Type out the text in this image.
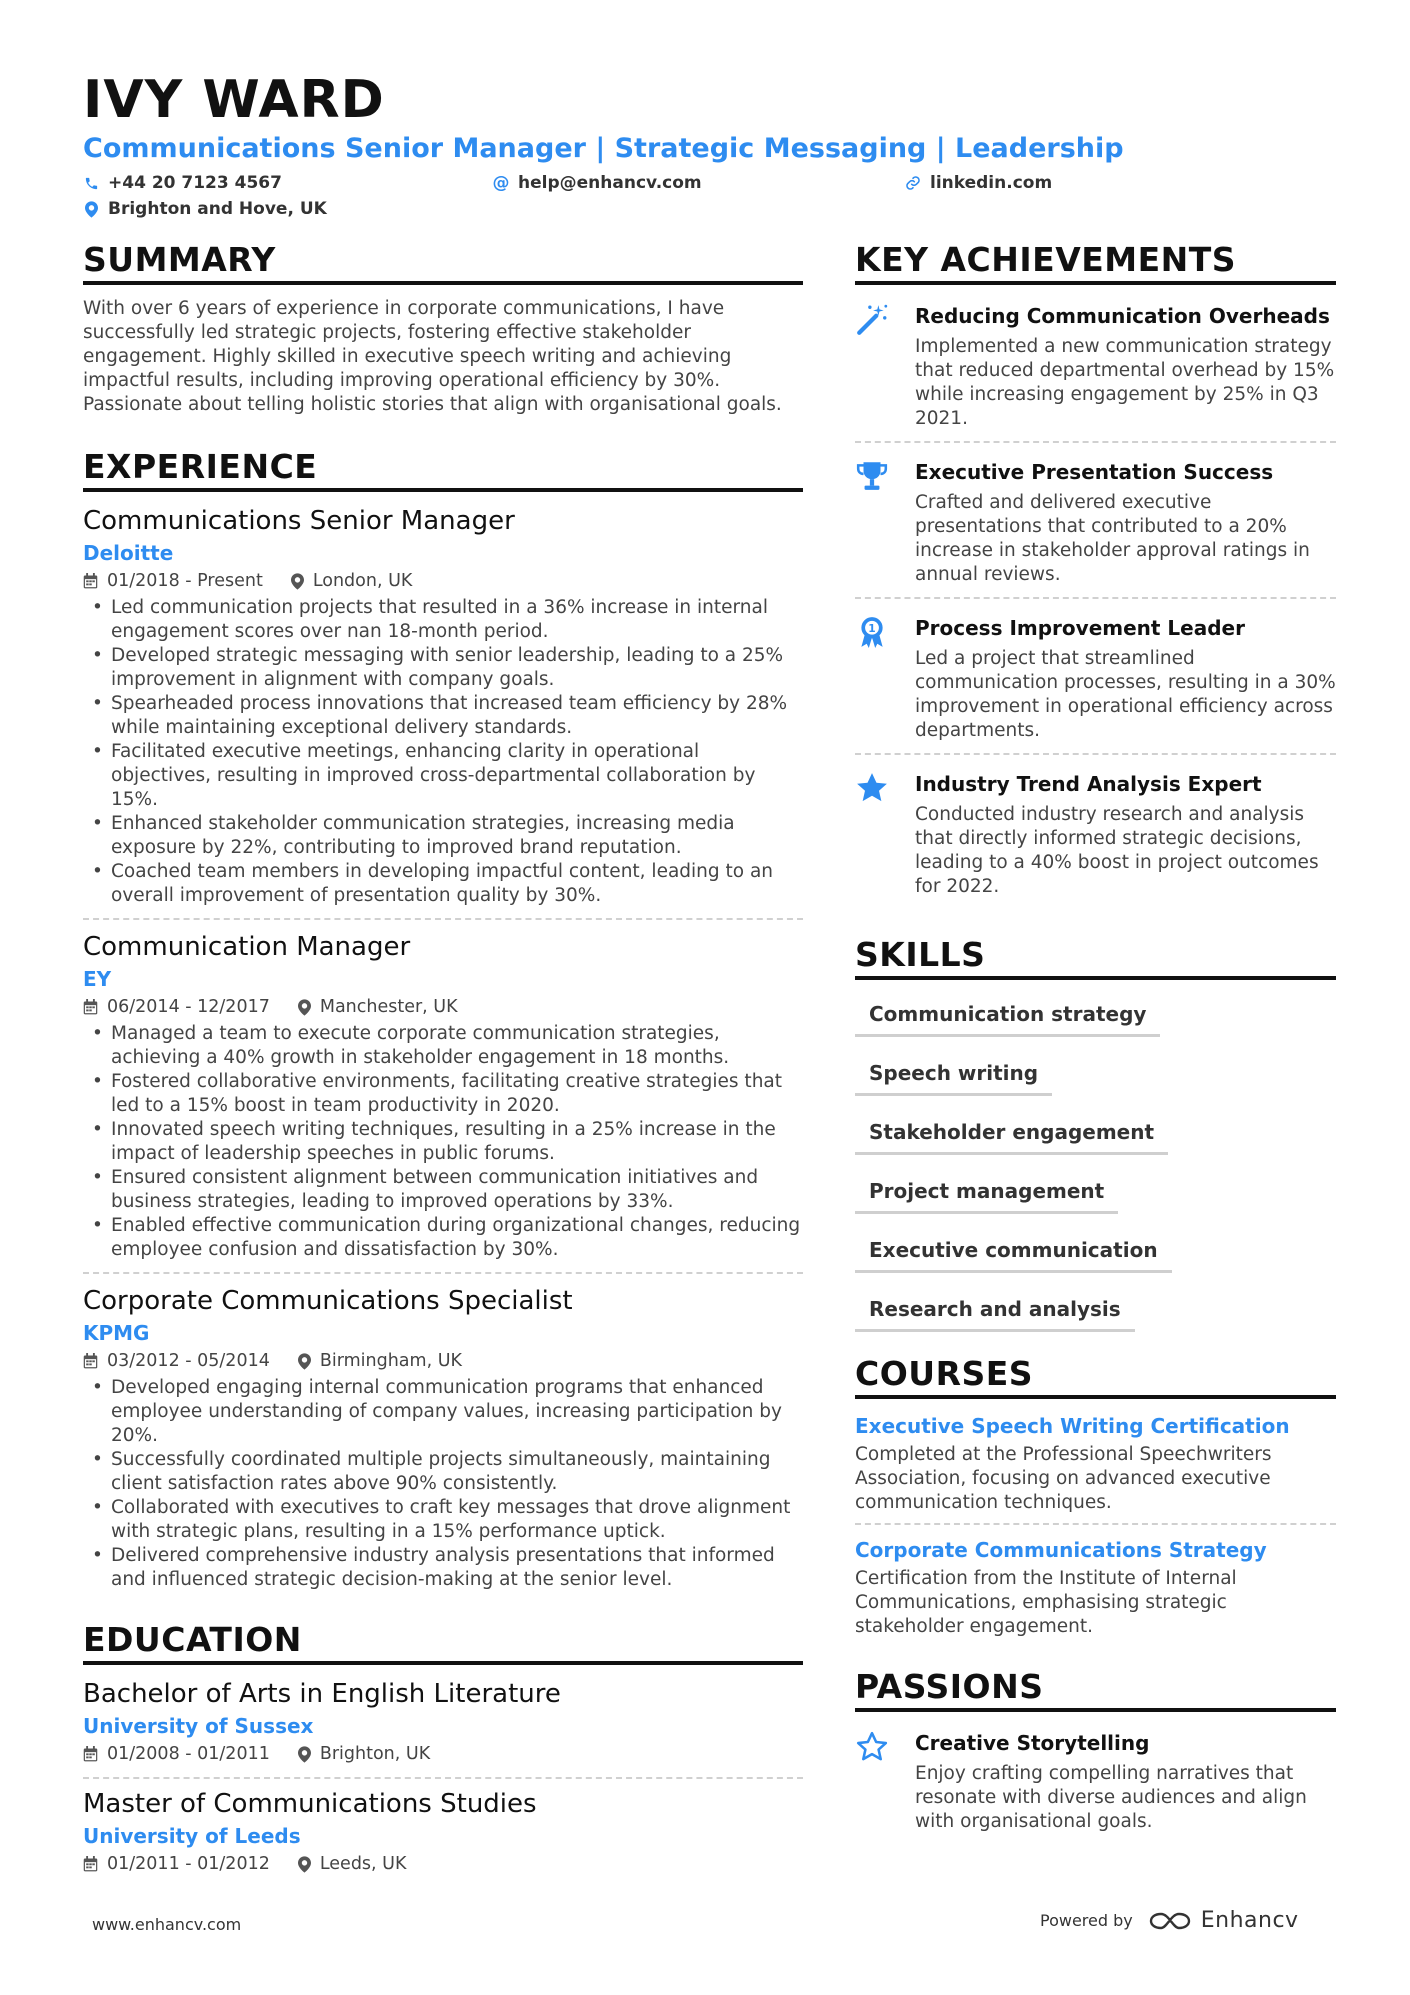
IVY WARD
Communications Senior Manager | Strategic Messaging | Leadership
+44 20 7123 4567	@ help@enhancv.com	linkedin.com
Brighton and Hove, UK
SUMMARY
With over 6 years of experience in corporate communications, I have successfully led strategic projects, fostering effective stakeholder engagement. Highly skilled in executive speech writing and achieving impactful results, including improving operational efficiency by 30%. Passionate about telling holistic stories that align with organisational goals.
EXPERIENCE
Communications Senior Manager
Deloitte
01/2018 - Present	London, UK
• Led communication projects that resulted in a 36% increase in internal engagement scores over nan 18-month period.
• Developed strategic messaging with senior leadership, leading to a 25% improvement in alignment with company goals.
• Spearheaded process innovations that increased team efficiency by 28% while maintaining exceptional delivery standards.
• Facilitated executive meetings, enhancing clarity in operational objectives, resulting in improved cross-departmental collaboration by 15%.
• Enhanced stakeholder communication strategies, increasing media exposure by 22%, contributing to improved brand reputation.
• Coached team members in developing impactful content, leading to an overall improvement of presentation quality by 30%.
Communication Manager
EY
06/2014 - 12/2017	Manchester, UK
• Managed a team to execute corporate communication strategies, achieving a 40% growth in stakeholder engagement in 18 months.
• Fostered collaborative environments, facilitating creative strategies that led to a 15% boost in team productivity in 2020.
• Innovated speech writing techniques, resulting in a 25% increase in the impact of leadership speeches in public forums.
• Ensured consistent alignment between communication initiatives and business strategies, leading to improved operations by 33%.
• Enabled effective communication during organizational changes, reducing employee confusion and dissatisfaction by 30%.
Corporate Communications Specialist
KPMG
03/2012 - 05/2014	Birmingham, UK
• Developed engaging internal communication programs that enhanced employee understanding of company values, increasing participation by 20%.
• Successfully coordinated multiple projects simultaneously, maintaining client satisfaction rates above 90% consistently.
• Collaborated with executives to craft key messages that drove alignment with strategic plans, resulting in a 15% performance uptick.
• Delivered comprehensive industry analysis presentations that informed and influenced strategic decision-making at the senior level.
EDUCATION
Bachelor of Arts in English Literature
University of Sussex
01/2008 - 01/2011	Brighton, UK
Master of Communications Studies
University of Leeds
01/2011 - 01/2012	Leeds, UK
KEY ACHIEVEMENTS
Reducing Communication Overheads
Implemented a new communication strategy that reduced departmental overhead by 15% while increasing engagement by 25% in Q3 2021.
Executive Presentation Success
Crafted and delivered executive presentations that contributed to a 20% increase in stakeholder approval ratings in annual reviews.
1 Process Improvement Leader
Led a project that streamlined communication processes, resulting in a 30% improvement in operational efficiency across departments.
Industry Trend Analysis Expert
Conducted industry research and analysis that directly informed strategic decisions, leading to a 40% boost in project outcomes for 2022.
SKILLS
Communication strategy
Speech writing
Stakeholder engagement
Project management
Executive communication
Research and analysis
COURSES
Executive Speech Writing Certification
Completed at the Professional Speechwriters Association, focusing on advanced executive communication techniques.
Corporate Communications Strategy
Certification from the Institute of Internal Communications, emphasising strategic stakeholder engagement.
PASSIONS
Creative Storytelling
Enjoy crafting compelling narratives that resonate with diverse audiences and align with organisational goals.
www.enhancv.com	Powered by	Enhancv
